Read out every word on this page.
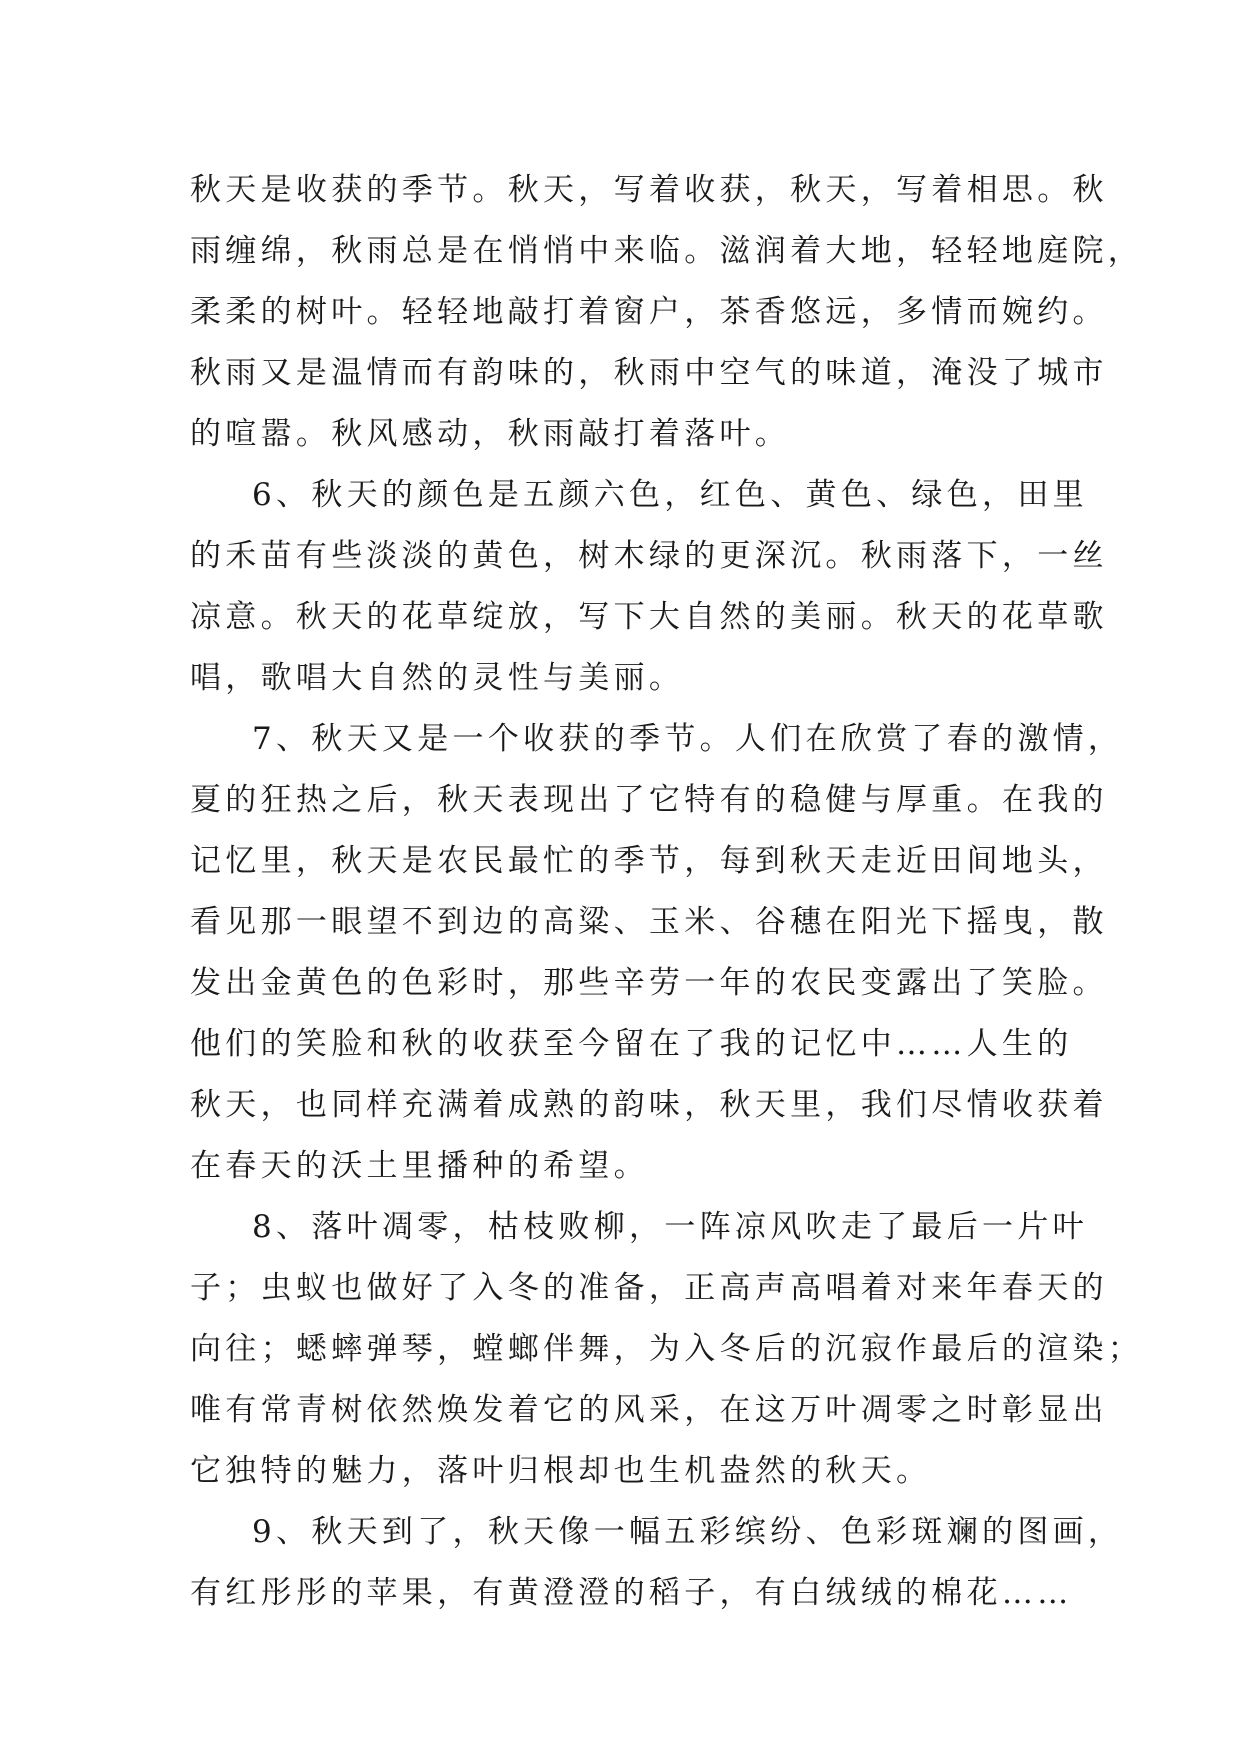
秋天是收获的季节。秋天，写着收获，秋天，写着相思。秋
雨缠绵，秋雨总是在悄悄中来临。滋润着大地，轻轻地庭院，
柔柔的树叶。轻轻地敲打着窗户，茶香悠远，多情而婉约。
秋雨又是温情而有韵味的，秋雨中空气的味道，淹没了城市
的喧嚣。秋风感动，秋雨敲打着落叶。
6、秋天的颜色是五颜六色，红色、黄色、绿色，田里
的禾苗有些淡淡的黄色，树木绿的更深沉。秋雨落下，一丝
凉意。秋天的花草绽放，写下大自然的美丽。秋天的花草歌
唱，歌唱大自然的灵性与美丽。
7、秋天又是一个收获的季节。人们在欣赏了春的激情，
夏的狂热之后，秋天表现出了它特有的稳健与厚重。在我的
记忆里，秋天是农民最忙的季节，每到秋天走近田间地头，
看见那一眼望不到边的高粱、玉米、谷穗在阳光下摇曳，散
发出金黄色的色彩时，那些辛劳一年的农民变露出了笑脸。
他们的笑脸和秋的收获至今留在了我的记忆中……人生的
秋天，也同样充满着成熟的韵味，秋天里，我们尽情收获着
在春天的沃土里播种的希望。
8、落叶凋零，枯枝败柳，一阵凉风吹走了最后一片叶
子；虫蚁也做好了入冬的准备，正高声高唱着对来年春天的
向往；蟋蟀弹琴，螳螂伴舞，为入冬后的沉寂作最后的渲染；
唯有常青树依然焕发着它的风采，在这万叶凋零之时彰显出
它独特的魅力，落叶归根却也生机盎然的秋天。
9、秋天到了，秋天像一幅五彩缤纷、色彩斑斓的图画，
有红彤彤的苹果，有黄澄澄的稻子，有白绒绒的棉花……
